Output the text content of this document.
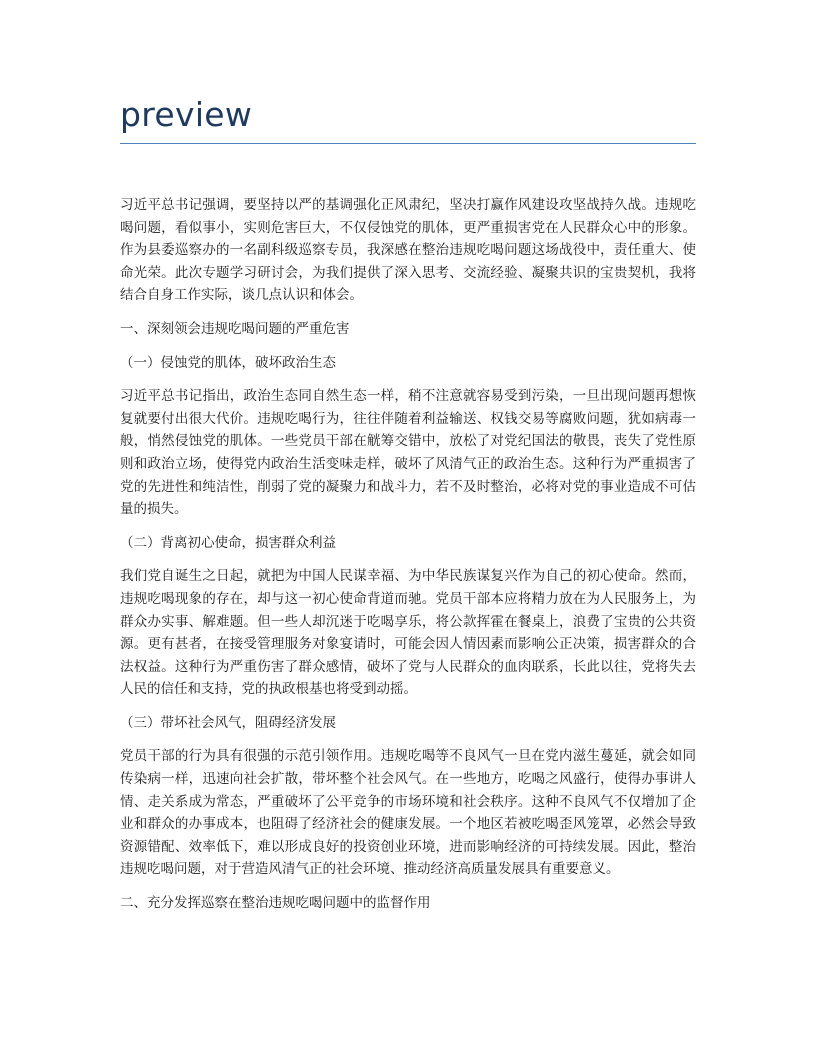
preview

习近平总书记强调，要坚持以严的基调强化正风肃纪，坚决打赢作风建设攻坚战持久战。违规吃喝问题，看似事小，实则危害巨大，不仅侵蚀党的肌体，更严重损害党在人民群众心中的形象。作为县委巡察办的一名副科级巡察专员，我深感在整治违规吃喝问题这场战役中，责任重大、使命光荣。此次专题学习研讨会，为我们提供了深入思考、交流经验、凝聚共识的宝贵契机，我将结合自身工作实际，谈几点认识和体会。

一、深刻领会违规吃喝问题的严重危害

（一）侵蚀党的肌体，破坏政治生态

习近平总书记指出，政治生态同自然生态一样，稍不注意就容易受到污染，一旦出现问题再想恢复就要付出很大代价。违规吃喝行为，往往伴随着利益输送、权钱交易等腐败问题，犹如病毒一般，悄然侵蚀党的肌体。一些党员干部在觥筹交错中，放松了对党纪国法的敬畏，丧失了党性原则和政治立场，使得党内政治生活变味走样，破坏了风清气正的政治生态。这种行为严重损害了党的先进性和纯洁性，削弱了党的凝聚力和战斗力，若不及时整治，必将对党的事业造成不可估量的损失。

（二）背离初心使命，损害群众利益

我们党自诞生之日起，就把为中国人民谋幸福、为中华民族谋复兴作为自己的初心使命。然而，违规吃喝现象的存在，却与这一初心使命背道而驰。党员干部本应将精力放在为人民服务上，为群众办实事、解难题。但一些人却沉迷于吃喝享乐，将公款挥霍在餐桌上，浪费了宝贵的公共资源。更有甚者，在接受管理服务对象宴请时，可能会因人情因素而影响公正决策，损害群众的合法权益。这种行为严重伤害了群众感情，破坏了党与人民群众的血肉联系，长此以往，党将失去人民的信任和支持，党的执政根基也将受到动摇。

（三）带坏社会风气，阻碍经济发展

党员干部的行为具有很强的示范引领作用。违规吃喝等不良风气一旦在党内滋生蔓延，就会如同传染病一样，迅速向社会扩散，带坏整个社会风气。在一些地方，吃喝之风盛行，使得办事讲人情、走关系成为常态，严重破坏了公平竞争的市场环境和社会秩序。这种不良风气不仅增加了企业和群众的办事成本，也阻碍了经济社会的健康发展。一个地区若被吃喝歪风笼罩，必然会导致资源错配、效率低下，难以形成良好的投资创业环境，进而影响经济的可持续发展。因此，整治违规吃喝问题，对于营造风清气正的社会环境、推动经济高质量发展具有重要意义。

二、充分发挥巡察在整治违规吃喝问题中的监督作用
